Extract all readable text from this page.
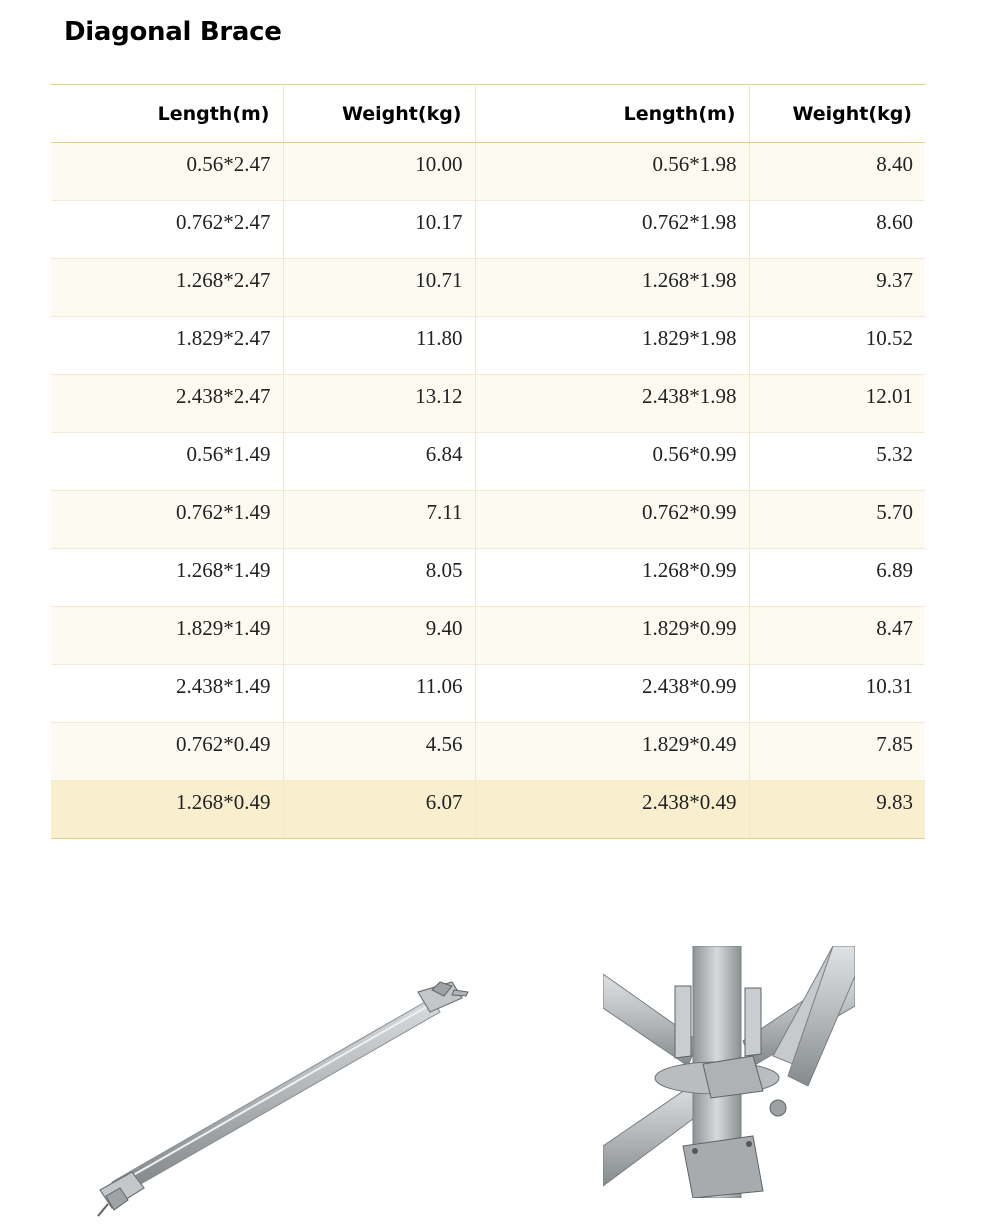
Diagonal Brace
Length(m)	Weight(kg)	Length(m)	Weight(kg)
0.56*2.47	10.00	0.56*1.98	8.40
0.762*2.47	10.17	0.762*1.98	8.60
1.268*2.47	10.71	1.268*1.98	9.37
1.829*2.47	11.80	1.829*1.98	10.52
2.438*2.47	13.12	2.438*1.98	12.01
0.56*1.49	6.84	0.56*0.99	5.32
0.762*1.49	7.11	0.762*0.99	5.70
1.268*1.49	8.05	1.268*0.99	6.89
1.829*1.49	9.40	1.829*0.99	8.47
2.438*1.49	11.06	2.438*0.99	10.31
0.762*0.49	4.56	1.829*0.49	7.85
1.268*0.49	6.07	2.438*0.49	9.83
